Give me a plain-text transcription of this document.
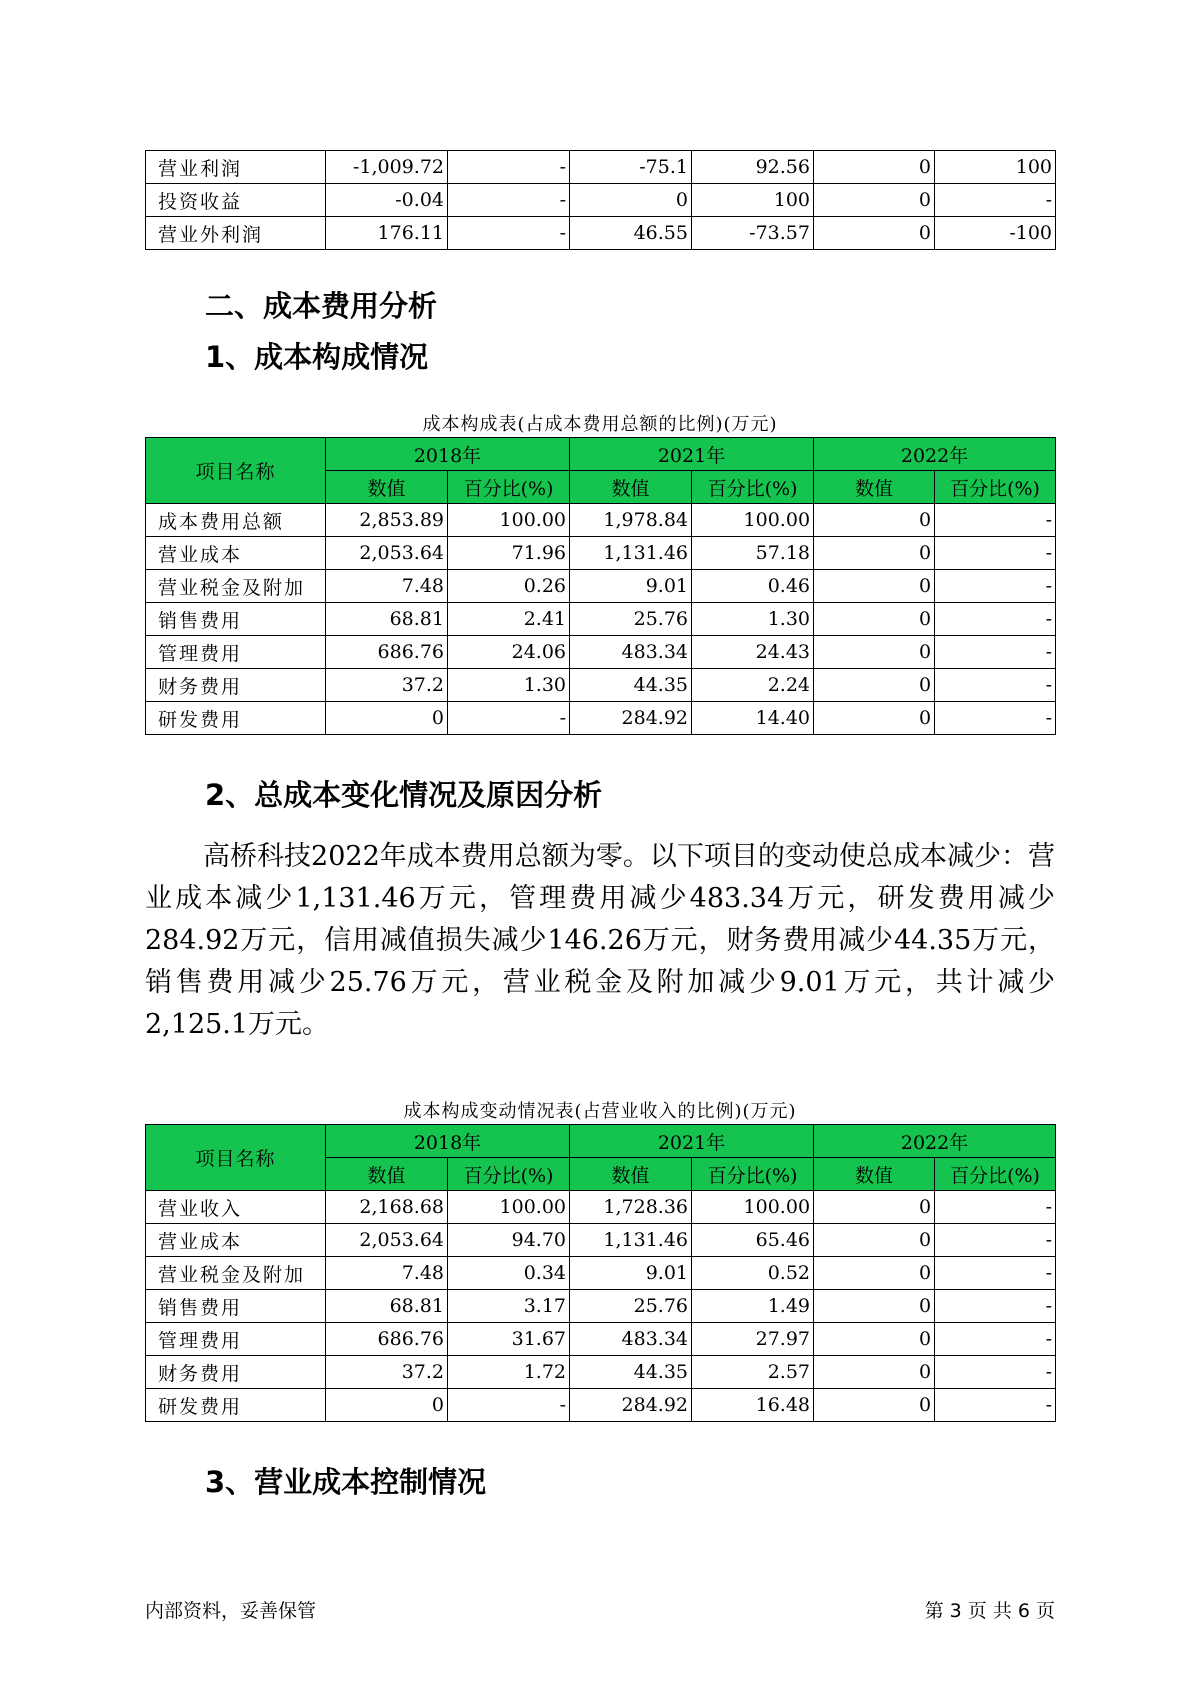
营业利润	-1,009.72	-	-75.1	92.56	0	100
投资收益	-0.04	-	0	100	0	-
营业外利润	176.11	-	46.55	-73.57	0	-100
二、成本费用分析
1、成本构成情况
成本构成表(占成本费用总额的比例)(万元)
项目名称	2018年		2021年		2022年	
	数值	百分比(%)	数值	百分比(%)	数值	百分比(%)
成本费用总额	2,853.89	100.00	1,978.84	100.00	0	-
营业成本	2,053.64	71.96	1,131.46	57.18	0	-
营业税金及附加	7.48	0.26	9.01	0.46	0	-
销售费用	68.81	2.41	25.76	1.30	0	-
管理费用	686.76	24.06	483.34	24.43	0	-
财务费用	37.2	1.30	44.35	2.24	0	-
研发费用	0	-	284.92	14.40	0	-
2、总成本变化情况及原因分析

高桥科技2022年成本费用总额为零。以下项目的变动使总成本减少：营业成本减少1,131.46万元，管理费用减少483.34万元，研发费用减少284.92万元，信用减值损失减少146.26万元，财务费用减少44.35万元，销售费用减少25.76万元，营业税金及附加减少9.01万元，共计减少2,125.1万元。

成本构成变动情况表(占营业收入的比例)(万元)
项目名称	2018年		2021年		2022年	
	数值	百分比(%)	数值	百分比(%)	数值	百分比(%)
营业收入	2,168.68	100.00	1,728.36	100.00	0	-
营业成本	2,053.64	94.70	1,131.46	65.46	0	-
营业税金及附加	7.48	0.34	9.01	0.52	0	-
销售费用	68.81	3.17	25.76	1.49	0	-
管理费用	686.76	31.67	483.34	27.97	0	-
财务费用	37.2	1.72	44.35	2.57	0	-
研发费用	0	-	284.92	16.48	0	-
3、营业成本控制情况
内部资料，妥善保管	第 3 页 共 6 页
